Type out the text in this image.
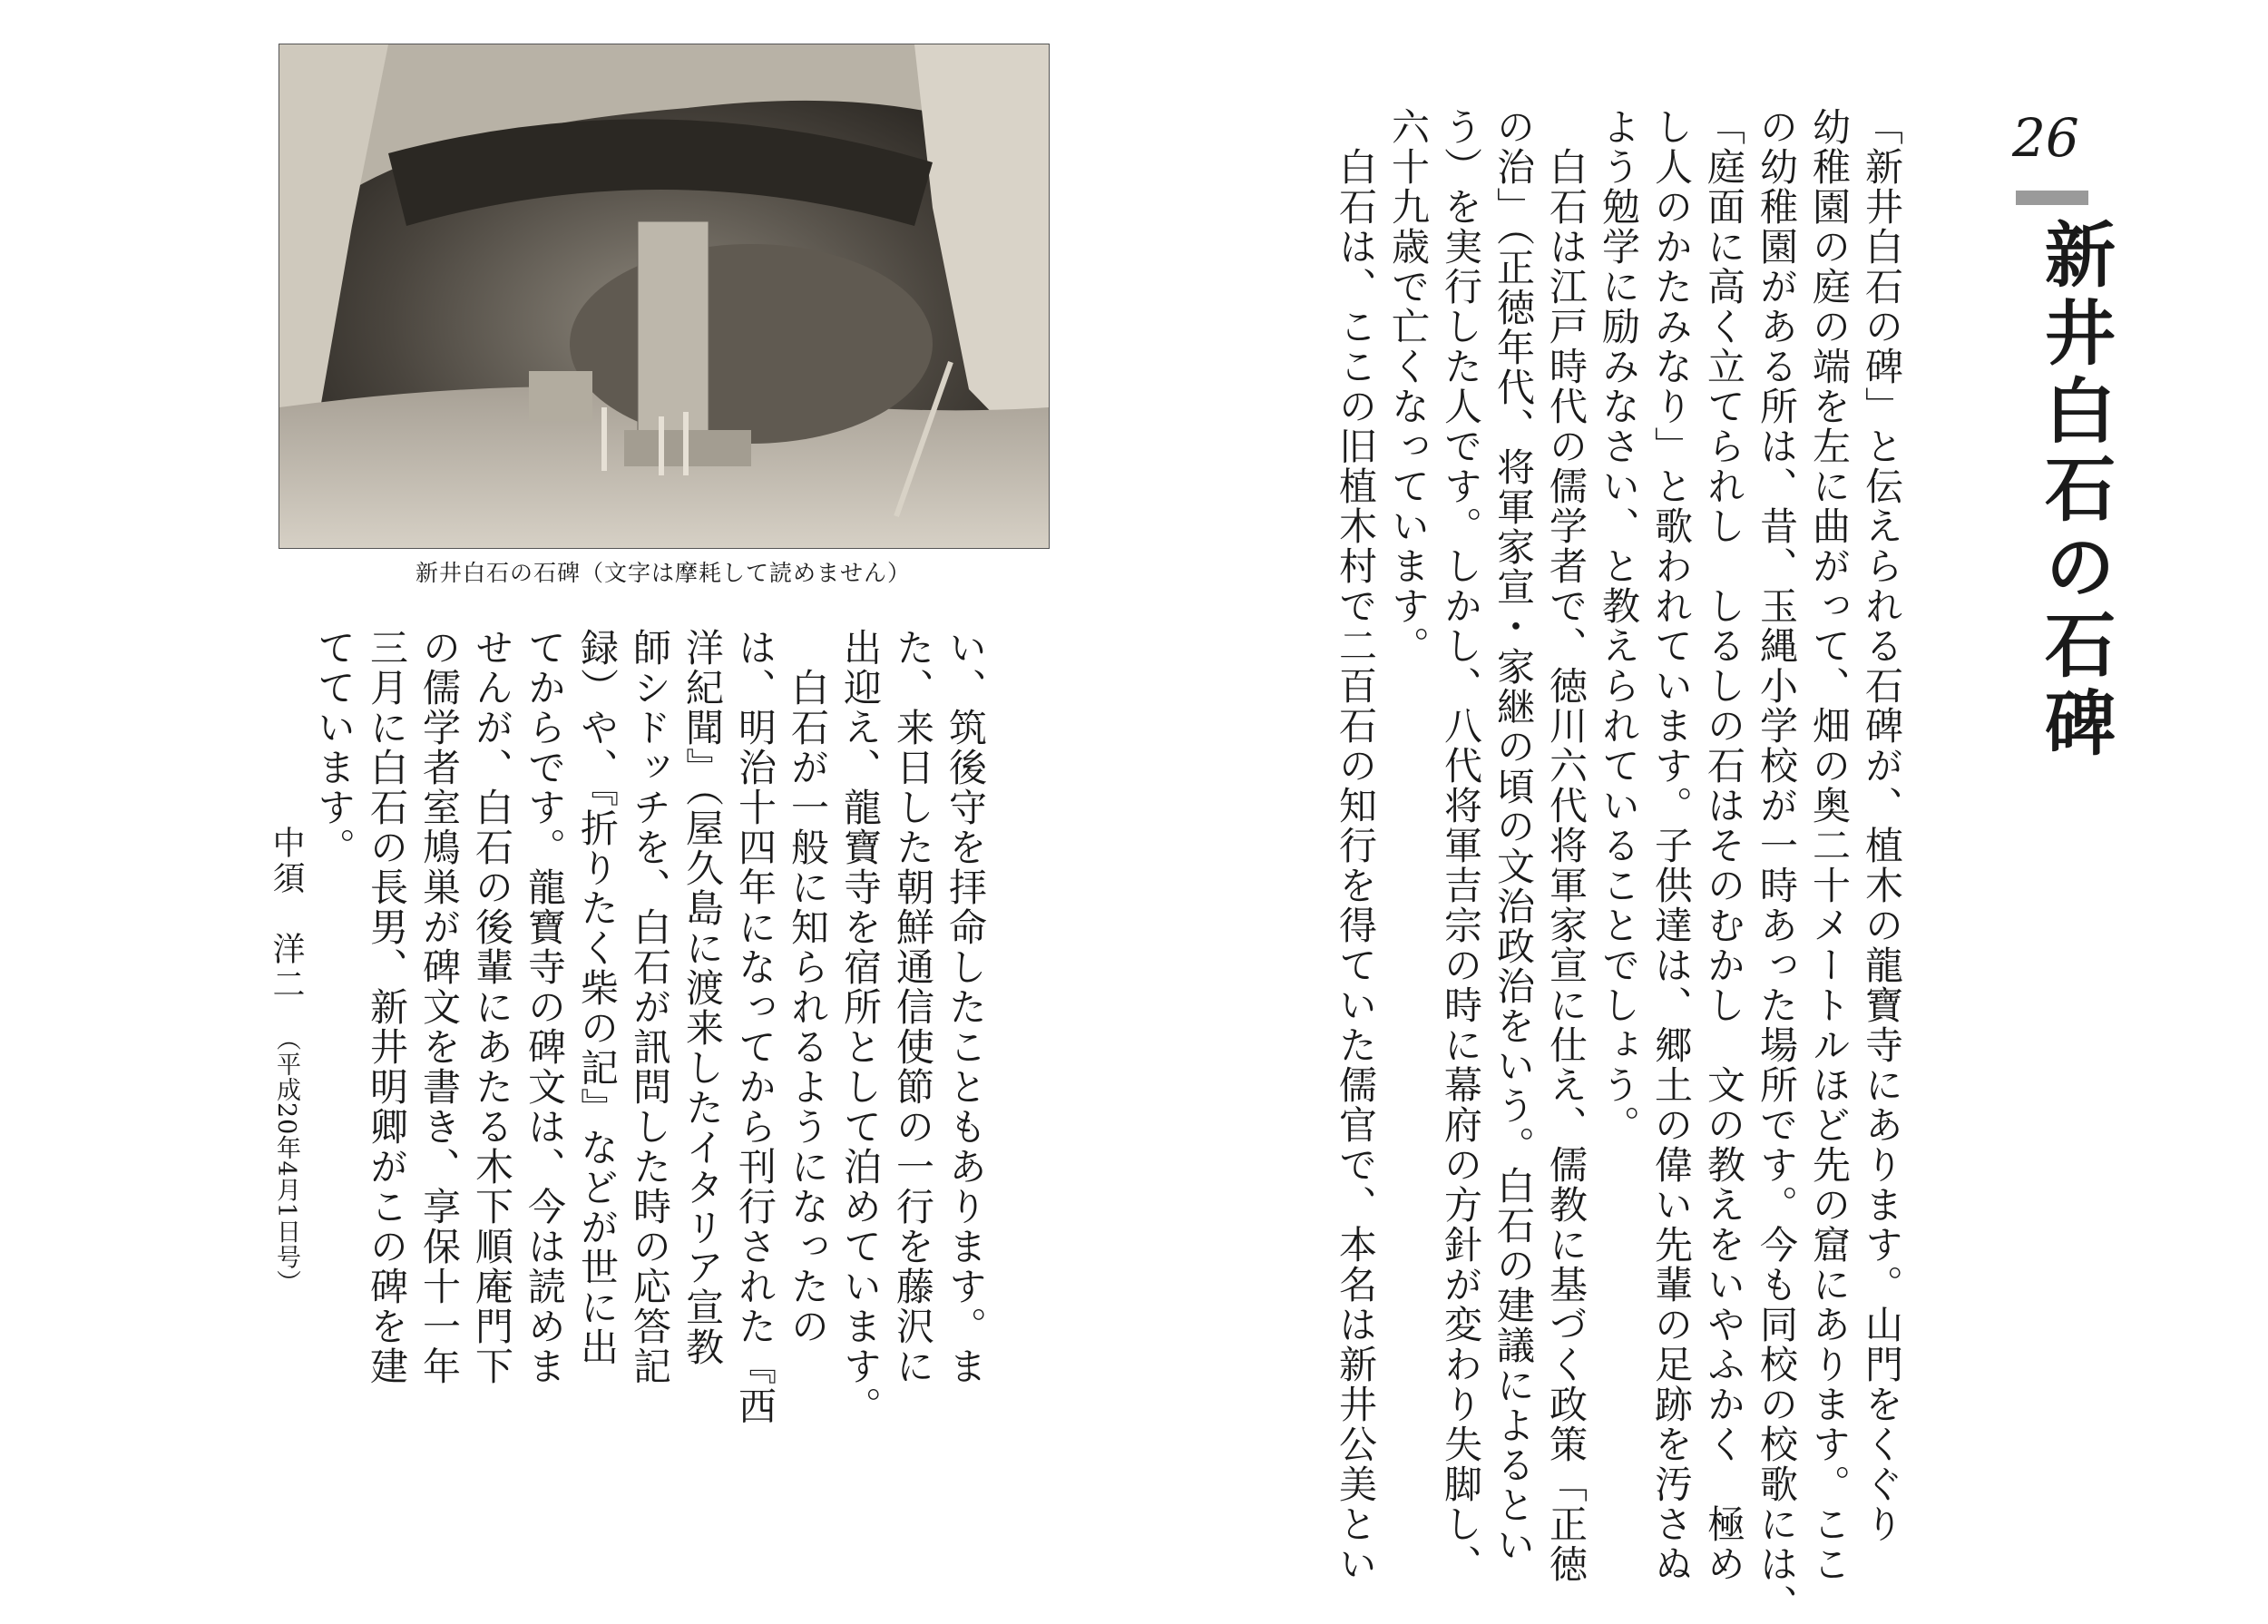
新井白石の石碑（文字は摩耗して読めません）
26
新井白石の石碑
「新井白石の碑」と伝えられる石碑が、植木の龍寶寺にあります。山門をくぐり
幼稚園の庭の端を左に曲がって、畑の奥二十メートルほど先の窟にあります。ここ
の幼稚園がある所は、昔、玉縄小学校が一時あった場所です。今も同校の校歌には、
「庭面に高く立てられし　しるしの石はそのむかし　文の教えをいやふかく　極め
し人のかたみなり」と歌われています。子供達は、郷土の偉い先輩の足跡を汚さぬ
よう勉学に励みなさい、と教えられていることでしょう。
　白石は江戸時代の儒学者で、徳川六代将軍家宣に仕え、儒教に基づく政策「正徳
の治」（正徳年代、将軍家宣・家継の頃の文治政治をいう。白石の建議によるとい
う）を実行した人です。しかし、八代将軍吉宗の時に幕府の方針が変わり失脚し、
六十九歳で亡くなっています。
　白石は、ここの旧植木村で二百石の知行を得ていた儒官で、本名は新井公美とい
い、筑後守を拝命したこともあります。ま
た、来日した朝鮮通信使節の一行を藤沢に
出迎え、龍寶寺を宿所として泊めています。
　白石が一般に知られるようになったの
は、明治十四年になってから刊行された『西
洋紀聞』（屋久島に渡来したイタリア宣教
師シドッチを、白石が訊問した時の応答記
録）や、『折りたく柴の記』などが世に出
てからです。龍寶寺の碑文は、今は読めま
せんが、白石の後輩にあたる木下順庵門下
の儒学者室鳩巣が碑文を書き、享保十一年
三月に白石の長男、新井明卿がこの碑を建
てています。
中須　洋二 （平成20年4月1日号）
